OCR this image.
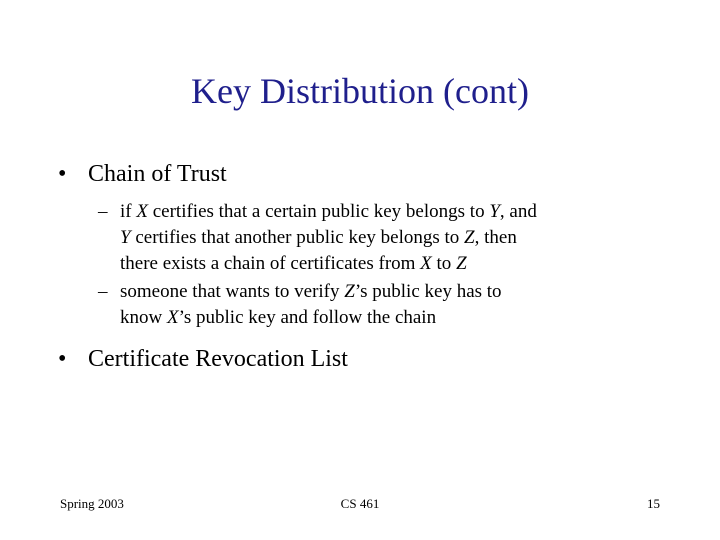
Key Distribution (cont)
• Chain of Trust
– if X certifies that a certain public key belongs to Y, and
Y certifies that another public key belongs to Z, then
there exists a chain of certificates from X to Z
– someone that wants to verify Z’s public key has to
know X’s public key and follow the chain
• Certificate Revocation List
Spring 2003	CS 461	15
